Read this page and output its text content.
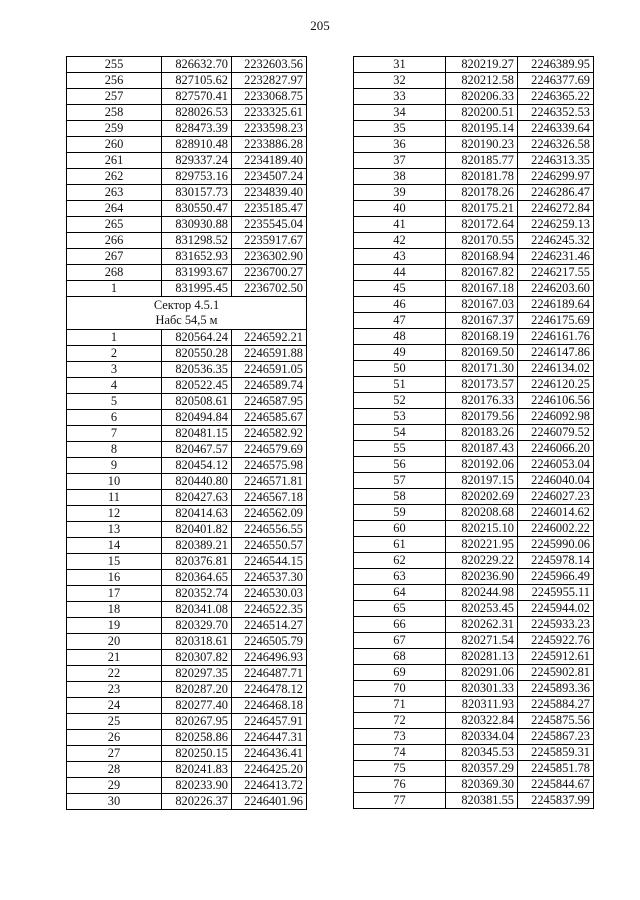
205
255	826632.70	2232603.56
256	827105.62	2232827.97
257	827570.41	2233068.75
258	828026.53	2233325.61
259	828473.39	2233598.23
260	828910.48	2233886.28
261	829337.24	2234189.40
262	829753.16	2234507.24
263	830157.73	2234839.40
264	830550.47	2235185.47
265	830930.88	2235545.04
266	831298.52	2235917.67
267	831652.93	2236302.90
268	831993.67	2236700.27
1	831995.45	2236702.50

Сектор 4.5.1
Набс 54,5 м		

1	820564.24	2246592.21
2	820550.28	2246591.88
3	820536.35	2246591.05
4	820522.45	2246589.74
5	820508.61	2246587.95
6	820494.84	2246585.67
7	820481.15	2246582.92
8	820467.57	2246579.69
9	820454.12	2246575.98
10	820440.80	2246571.81
11	820427.63	2246567.18
12	820414.63	2246562.09
13	820401.82	2246556.55
14	820389.21	2246550.57
15	820376.81	2246544.15
16	820364.65	2246537.30
17	820352.74	2246530.03
18	820341.08	2246522.35
19	820329.70	2246514.27
20	820318.61	2246505.79
21	820307.82	2246496.93
22	820297.35	2246487.71
23	820287.20	2246478.12
24	820277.40	2246468.18
25	820267.95	2246457.91
26	820258.86	2246447.31
27	820250.15	2246436.41
28	820241.83	2246425.20
29	820233.90	2246413.72
30	820226.37	2246401.96
31	820219.27	2246389.95
32	820212.58	2246377.69
33	820206.33	2246365.22
34	820200.51	2246352.53
35	820195.14	2246339.64
36	820190.23	2246326.58
37	820185.77	2246313.35
38	820181.78	2246299.97
39	820178.26	2246286.47
40	820175.21	2246272.84
41	820172.64	2246259.13
42	820170.55	2246245.32
43	820168.94	2246231.46
44	820167.82	2246217.55
45	820167.18	2246203.60
46	820167.03	2246189.64
47	820167.37	2246175.69
48	820168.19	2246161.76
49	820169.50	2246147.86
50	820171.30	2246134.02
51	820173.57	2246120.25
52	820176.33	2246106.56
53	820179.56	2246092.98
54	820183.26	2246079.52
55	820187.43	2246066.20
56	820192.06	2246053.04
57	820197.15	2246040.04
58	820202.69	2246027.23
59	820208.68	2246014.62
60	820215.10	2246002.22
61	820221.95	2245990.06
62	820229.22	2245978.14
63	820236.90	2245966.49
64	820244.98	2245955.11
65	820253.45	2245944.02
66	820262.31	2245933.23
67	820271.54	2245922.76
68	820281.13	2245912.61
69	820291.06	2245902.81
70	820301.33	2245893.36
71	820311.93	2245884.27
72	820322.84	2245875.56
73	820334.04	2245867.23
74	820345.53	2245859.31
75	820357.29	2245851.78
76	820369.30	2245844.67
77	820381.55	2245837.99
